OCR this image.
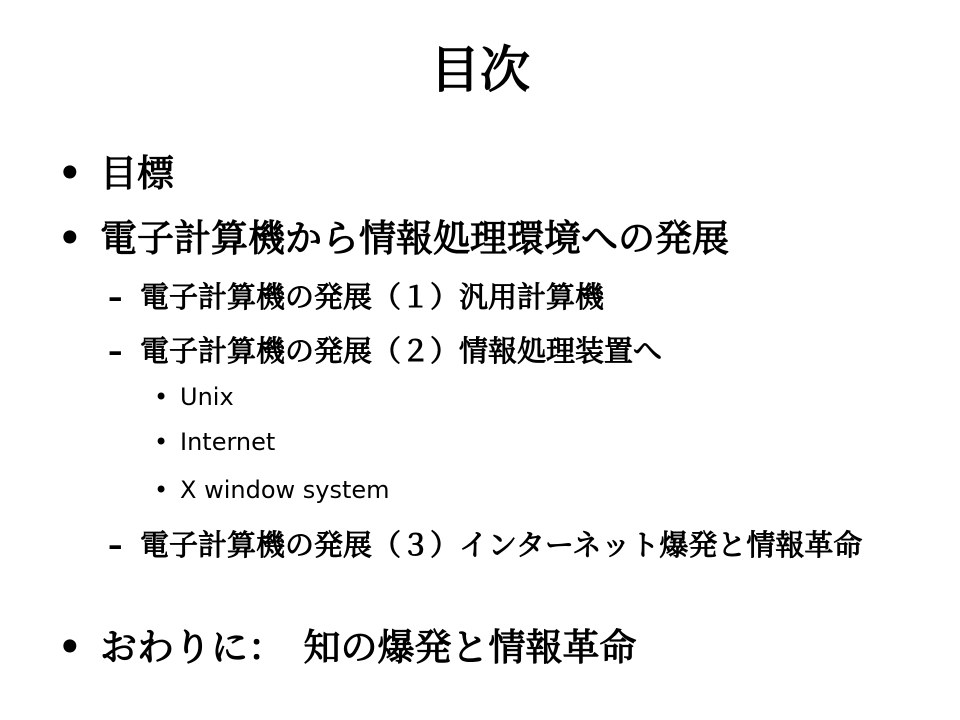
目次
• 目標
• 電子計算機から情報処理環境への発展
– 電子計算機の発展（１）汎用計算機
– 電子計算機の発展（２）情報処理装置へ
• Unix
• Internet
• X window system
– 電子計算機の発展（３）インターネット爆発と情報革命
• おわりに：　知の爆発と情報革命
